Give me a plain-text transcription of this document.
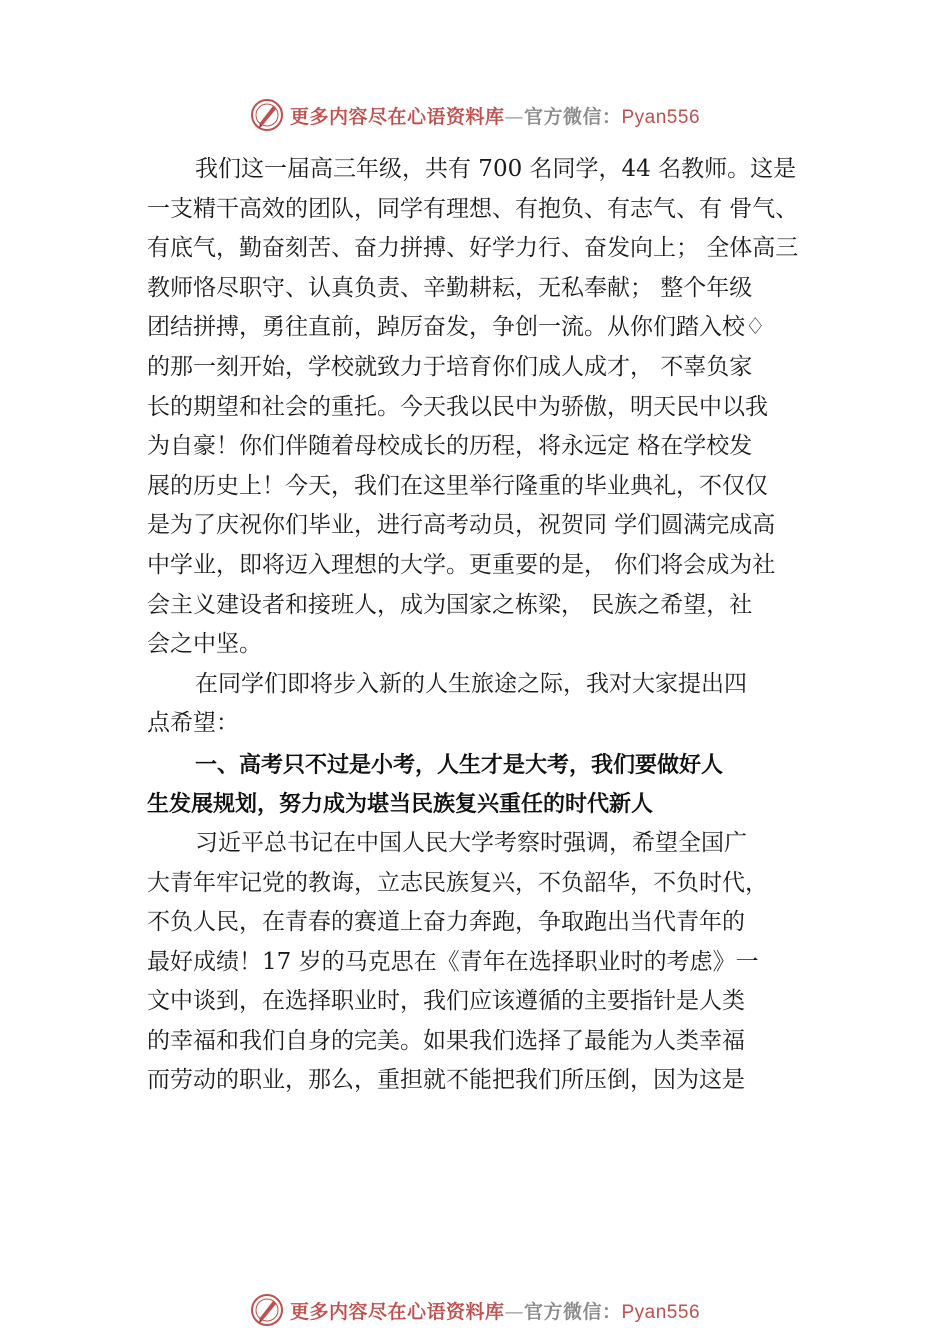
更多内容尽在心语资料库—官方微信：Pyan556
我们这一届高三年级，共有 700 名同学，44 名教师。这是
一支精干高效的团队，同学有理想、有抱负、有志气、有 骨气、
有底气，勤奋刻苦、奋力拼搏、好学力行、奋发向上； 全体高三
教师恪尽职守、认真负责、辛勤耕耘，无私奉献； 整个年级
团结拼搏，勇往直前，踔厉奋发，争创一流。从你们踏入校♢
的那一刻开始，学校就致力于培育你们成人成才， 不辜负家
长的期望和社会的重托。今天我以民中为骄傲，明天民中以我
为自豪！你们伴随着母校成长的历程，将永远定 格在学校发
展的历史上！今天，我们在这里举行隆重的毕业典礼，不仅仅
是为了庆祝你们毕业，进行高考动员，祝贺同 学们圆满完成高
中学业，即将迈入理想的大学。更重要的是， 你们将会成为社
会主义建设者和接班人，成为国家之栋梁， 民族之希望，社
会之中坚。
在同学们即将步入新的人生旅途之际，我对大家提出四
点希望：
一、高考只不过是小考，人生才是大考，我们要做好人
生发展规划，努力成为堪当民族复兴重任的时代新人
习近平总书记在中国人民大学考察时强调，希望全国广
大青年牢记党的教诲，立志民族复兴，不负韶华，不负时代，
不负人民，在青春的赛道上奋力奔跑，争取跑出当代青年的
最好成绩！17 岁的马克思在《青年在选择职业时的考虑》一
文中谈到，在选择职业时，我们应该遵循的主要指针是人类
的幸福和我们自身的完美。如果我们选择了最能为人类幸福
而劳动的职业，那么，重担就不能把我们所压倒，因为这是
更多内容尽在心语资料库—官方微信：Pyan556
